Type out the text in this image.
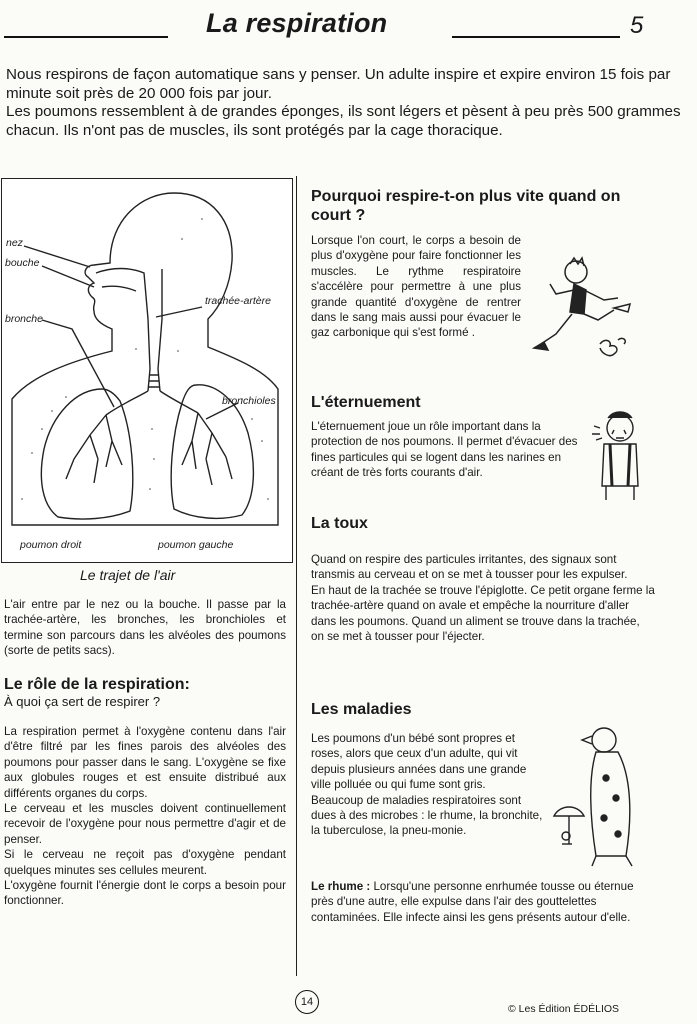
La respiration	5

Nous respirons de façon automatique sans y penser. Un adulte inspire et expire environ 15 fois par minute soit près de 20 000 fois par jour.

Les poumons ressemblent à de grandes éponges, ils sont légers et pèsent à peu près 500 grammes chacun. Ils n'ont pas de muscles, ils sont protégés par la cage thoracique.

nez
bouche
bronche
trachée-artère
bronchioles
poumon droit	poumon gauche
Le trajet de l'air

L'air entre par le nez ou la bouche. Il passe par la trachée-artère, les bronches, les bronchioles et termine son parcours dans les alvéoles des poumons (sorte de petits sacs).

Le rôle de la respiration:
À quoi ça sert de respirer ?

La respiration permet à l'oxygène contenu dans l'air d'être filtré par les fines parois des alvéoles des poumons pour passer dans le sang. L'oxygène se fixe aux globules rouges et est ensuite distribué aux différents organes du corps.

Le cerveau et les muscles doivent continuellement recevoir de l'oxygène pour nous permettre d'agir et de penser.

Si le cerveau ne reçoit pas d'oxygène pendant quelques minutes ses cellules meurent.

L'oxygène fournit l'énergie dont le corps a besoin pour fonctionner.

Pourquoi respire-t-on plus vite quand on court ?

Lorsque l'on court, le corps a besoin de plus d'oxygène pour faire fonctionner les muscles. Le rythme respiratoire s'accélère pour permettre à une plus grande quantité d'oxygène de rentrer dans le sang mais aussi pour évacuer le gaz carbonique qui s'est formé .

L'éternuement

L'éternuement joue un rôle important dans la protection de nos poumons. Il permet d'évacuer des fines particules qui se logent dans les narines en créant de très forts courants d'air.

La toux

Quand on respire des particules irritantes, des signaux sont transmis au cerveau et on se met à tousser pour les expulser.

En haut de la trachée se trouve l'épiglotte. Ce petit organe ferme la trachée-artère quand on avale et empêche la nourriture d'aller dans les poumons. Quand un aliment se trouve dans la trachée, on se met à tousser pour l'éjecter.

Les maladies

Les poumons d'un bébé sont propres et roses, alors que ceux d'un adulte, qui vit depuis plusieurs années dans une grande ville polluée ou qui fume sont gris.

Beaucoup de maladies respiratoires sont dues à des microbes : le rhume, la bronchite, la tuberculose, la pneu-monie.

Le rhume : Lorsqu'une personne enrhumée tousse ou éternue près d'une autre, elle expulse dans l'air des gouttelettes contaminées. Elle infecte ainsi les gens présents autour d'elle.

14
© Les Édition ÉDÉLIOS
